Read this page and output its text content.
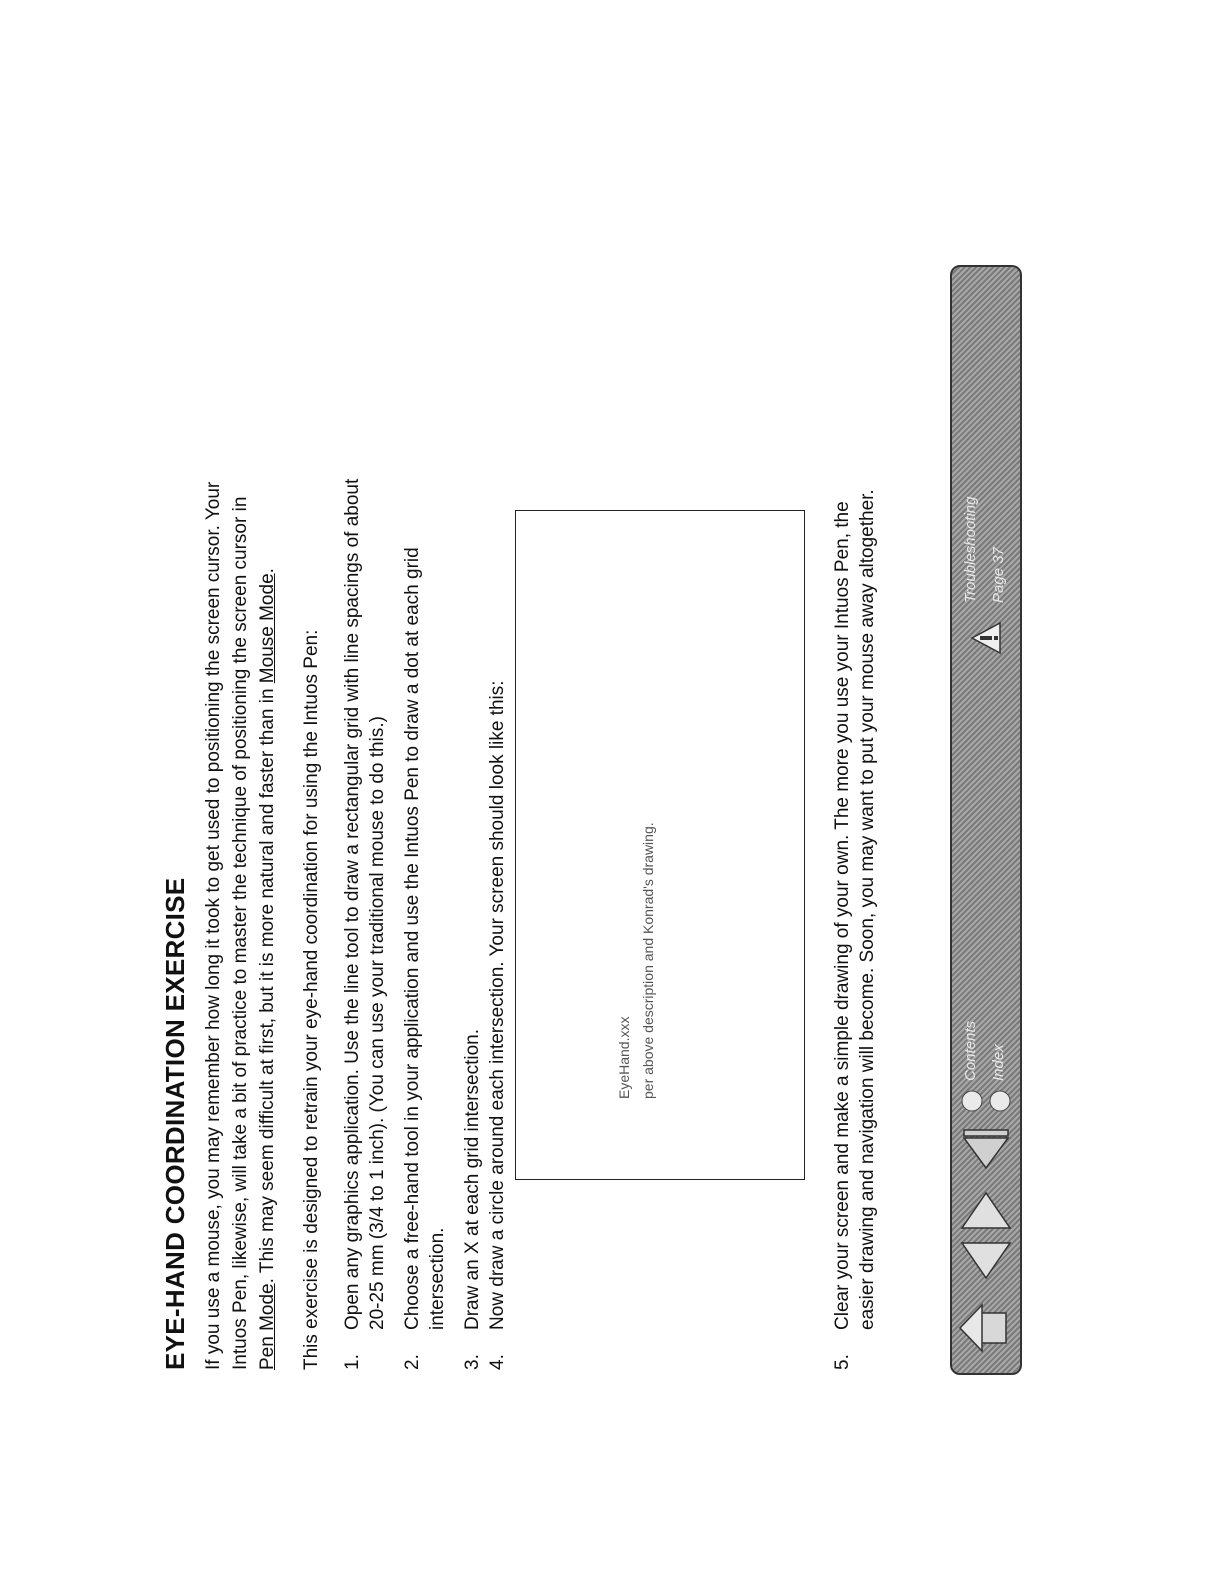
EYE-HAND COORDINATION EXERCISE If you use a mouse, you may remember how long it took to get used to positioning the screen cursor. Your Intuos Pen, likewise, will take a bit of practice to master the technique of positioning the screen cursor in Pen Mode. This may seem difficult at first, but it is more natural and faster than in Mouse Mode.
This exercise is designed to retrain your eye-hand coordination for using the Intuos Pen: 1.
Open any graphics application. Use the line tool to draw a rectangular grid with line spacings of about 20-25 mm (3/4 to 1 inch). (You can use your traditional mouse to do this.)
2.
Choose a free-hand tool in your application and use the Intuos Pen to draw a dot at each grid intersection.
3.
Draw an X at each grid intersection.
4.
Now draw a circle around each intersection. Your screen should look like this:	EyeHand.xxx per above description and Konrad's drawing.
5.
Clear your screen and make a simple drawing of your own. The more you use your Intuos Pen, the easier drawing and navigation will become. Soon, you may want to put your mouse away altogether.	Contents Index
Troubleshooting Page 37
